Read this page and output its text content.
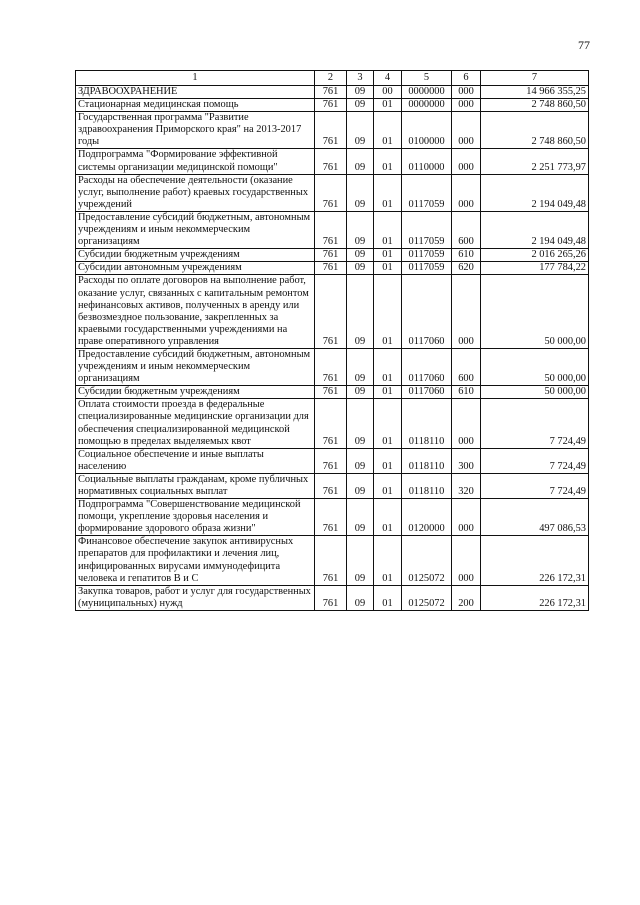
77
1	2	3	4	5	6	7
ЗДРАВООХРАНЕНИЕ	761	09	00	0000000	000	14 966 355,25
Стационарная медицинская помощь	761	09	01	0000000	000	2 748 860,50
Государственная программа "Развитие здравоохранения Приморского края" на 2013-2017 годы	761	09	01	0100000	000	2 748 860,50
Подпрограмма "Формирование эффективной системы организации медицинской помощи"	761	09	01	0110000	000	2 251 773,97
Расходы на обеспечение деятельности (оказание услуг, выполнение работ) краевых государственных учреждений	761	09	01	0117059	000	2 194 049,48
Предоставление субсидий бюджетным, автономным учреждениям и иным некоммерческим организациям	761	09	01	0117059	600	2 194 049,48
Субсидии бюджетным учреждениям	761	09	01	0117059	610	2 016 265,26
Субсидии автономным учреждениям	761	09	01	0117059	620	177 784,22
Расходы по оплате договоров на выполнение работ, оказание услуг, связанных с капитальным ремонтом нефинансовых активов, полученных в аренду или безвозмездное пользование, закрепленных за краевыми государственными учреждениями на праве оперативного управления	761	09	01	0117060	000	50 000,00
Предоставление субсидий бюджетным, автономным учреждениям и иным некоммерческим организациям	761	09	01	0117060	600	50 000,00
Субсидии бюджетным учреждениям	761	09	01	0117060	610	50 000,00
Оплата стоимости проезда в федеральные специализированные медицинские организации для обеспечения специализированной медицинской помощью в пределах выделяемых квот	761	09	01	0118110	000	7 724,49
Социальное обеспечение и иные выплаты населению	761	09	01	0118110	300	7 724,49
Социальные выплаты гражданам, кроме публичных нормативных социальных выплат	761	09	01	0118110	320	7 724,49
Подпрограмма "Совершенствование медицинской помощи, укрепление здоровья населения и формирование здорового образа жизни"	761	09	01	0120000	000	497 086,53
Финансовое обеспечение закупок антивирусных препаратов для профилактики и лечения лиц, инфицированных вирусами иммунодефицита человека и гепатитов В и С	761	09	01	0125072	000	226 172,31
Закупка товаров, работ и услуг для государственных (муниципальных) нужд	761	09	01	0125072	200	226 172,31
